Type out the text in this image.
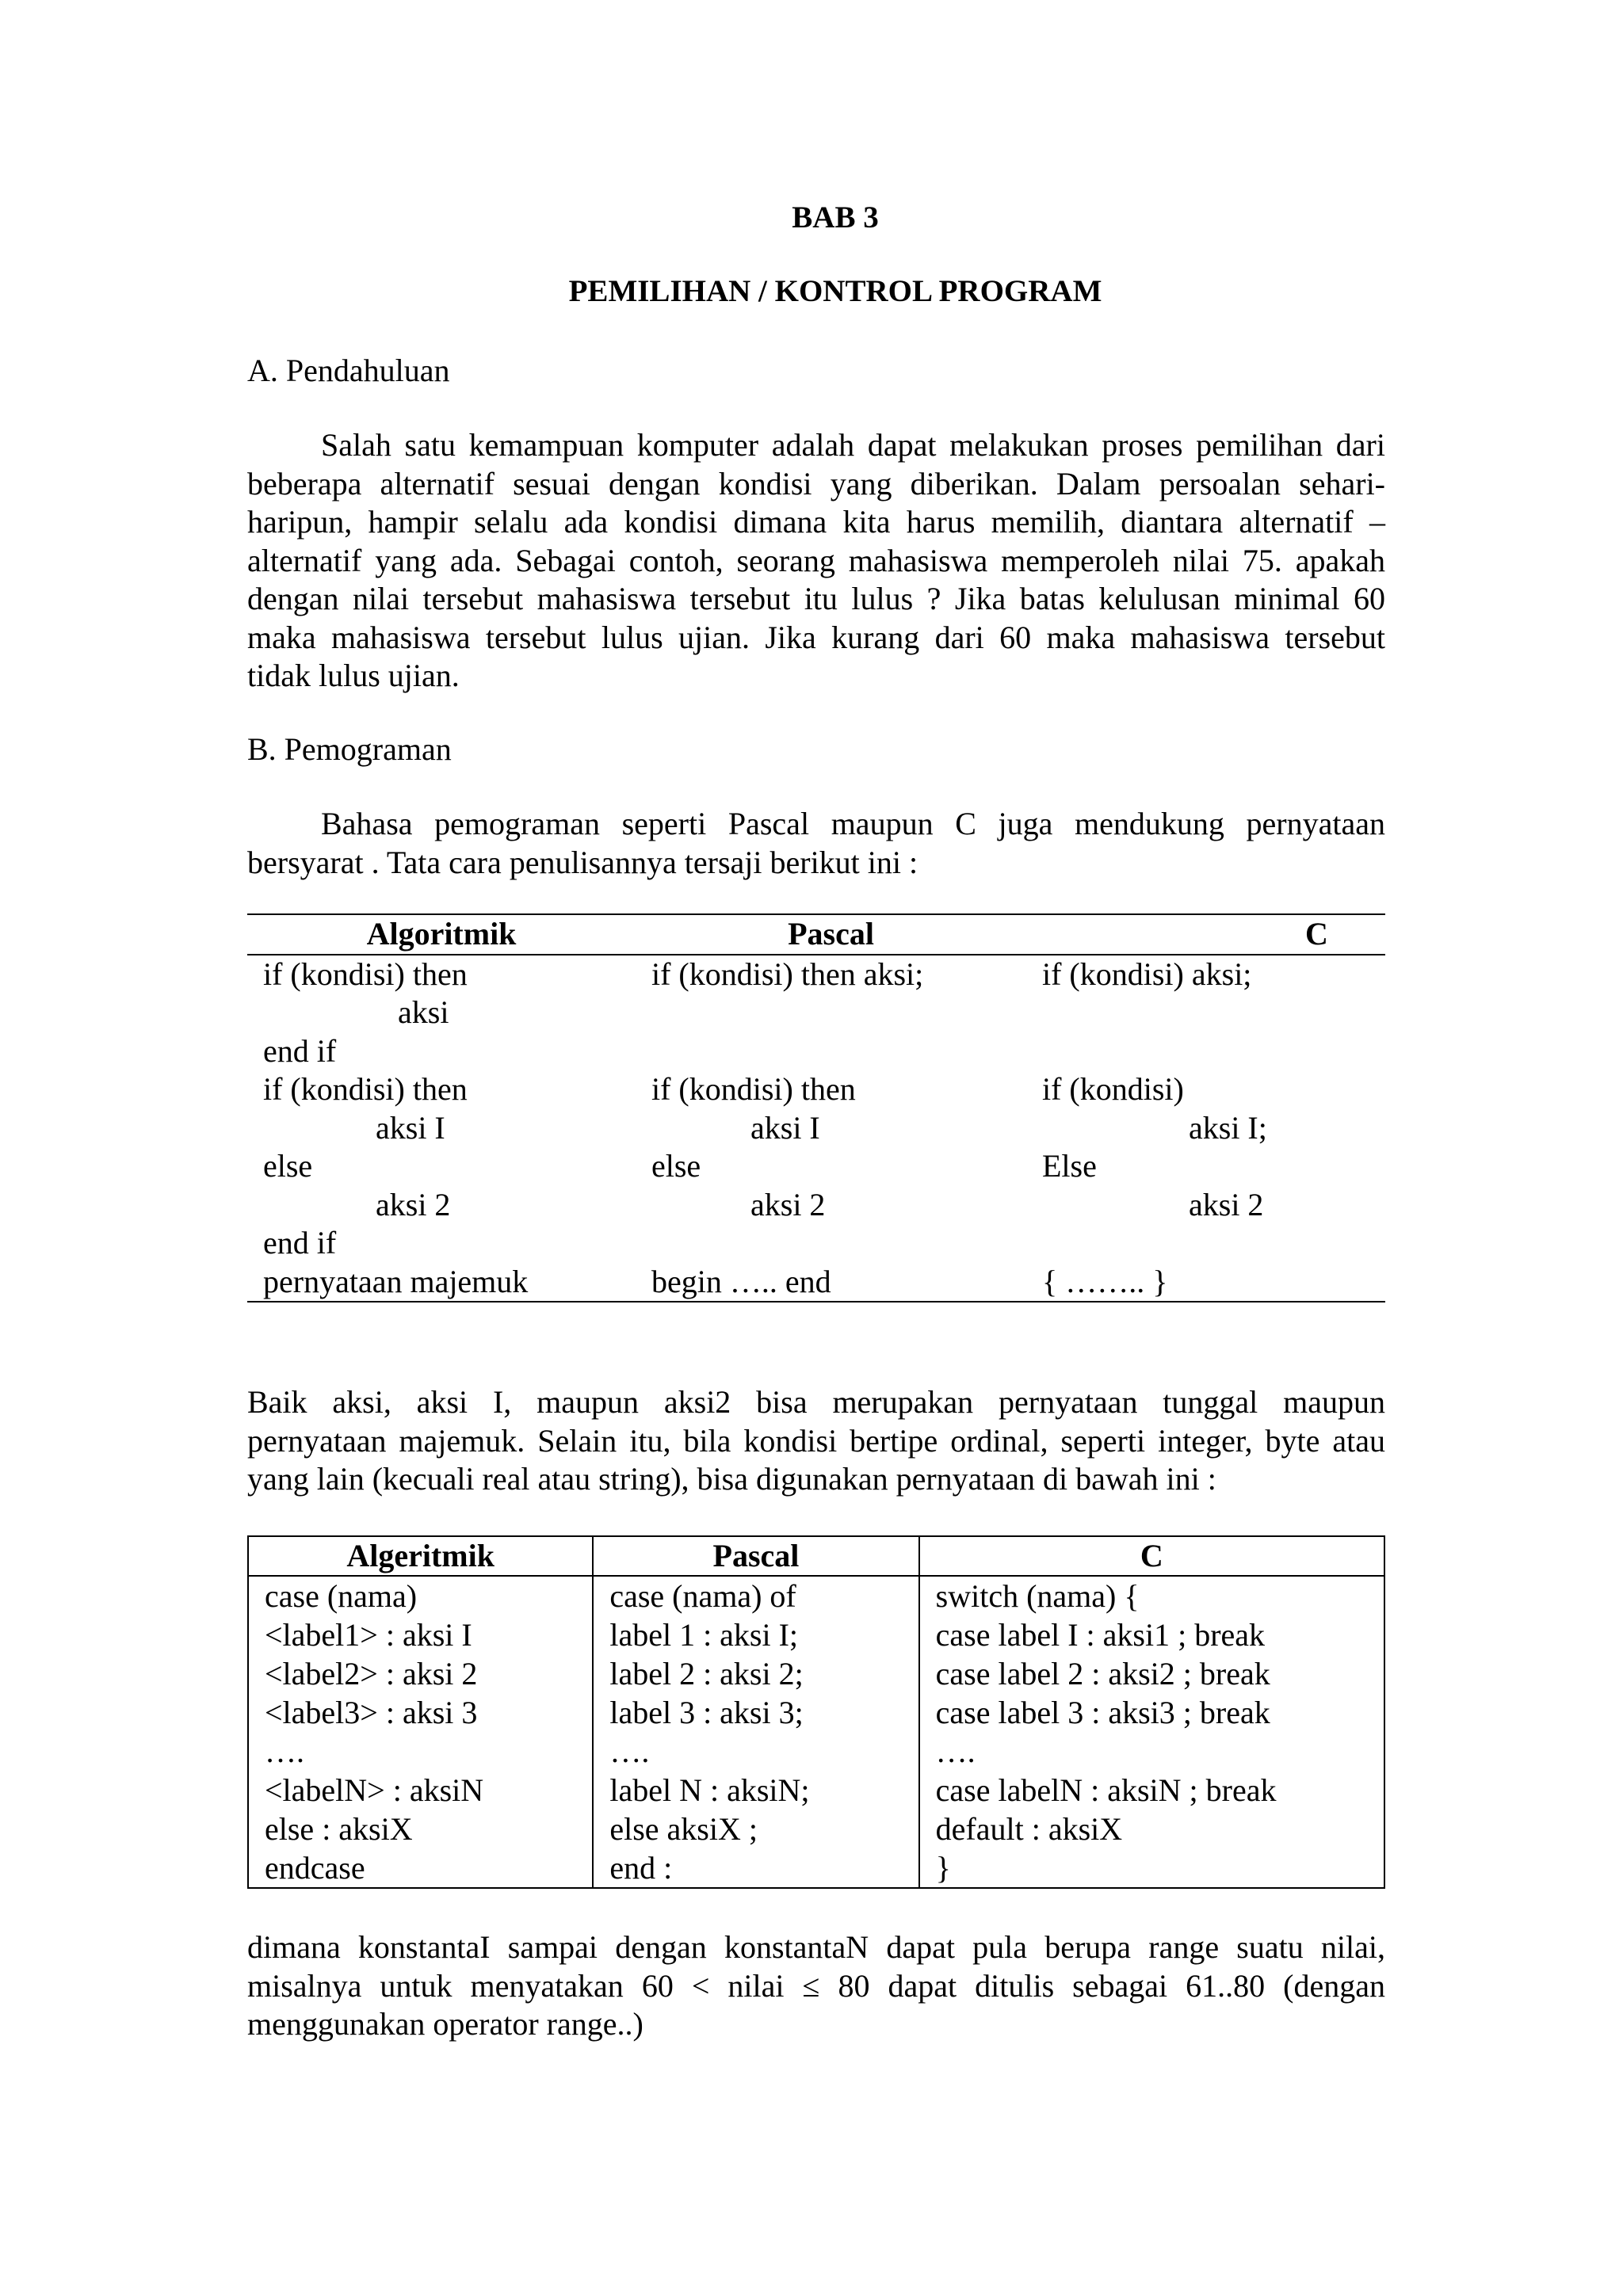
BAB 3
PEMILIHAN / KONTROL PROGRAM
A. Pendahuluan
Salah satu kemampuan komputer adalah dapat melakukan proses pemilihan dari
beberapa alternatif sesuai dengan kondisi yang diberikan. Dalam persoalan sehari-
haripun, hampir selalu ada kondisi dimana kita harus memilih, diantara alternatif –
alternatif yang ada. Sebagai contoh, seorang mahasiswa memperoleh nilai 75. apakah
dengan nilai tersebut mahasiswa tersebut itu lulus ? Jika batas kelulusan minimal 60
maka mahasiswa tersebut lulus ujian. Jika kurang dari 60 maka mahasiswa tersebut
tidak lulus ujian.
B. Pemograman
Bahasa pemograman seperti Pascal maupun C juga mendukung pernyataan
bersyarat . Tata cara penulisannya tersaji berikut ini :
Algoritmik	Pascal	C
if (kondisi) then	if (kondisi) then aksi;	if (kondisi) aksi;
aksi		
end if		
if (kondisi) then	if (kondisi) then	if (kondisi)
aksi I	aksi I	aksi I;
else	else	Else
aksi 2	aksi 2	aksi 2
end if		
pernyataan majemuk	begin ….. end	{ …….. }
Baik aksi, aksi I, maupun aksi2 bisa merupakan pernyataan tunggal maupun
pernyataan majemuk. Selain itu, bila kondisi bertipe ordinal, seperti integer, byte atau
yang lain (kecuali real atau string), bisa digunakan pernyataan di bawah ini :
Algeritmik	Pascal	C
case (nama)	case (nama) of	switch (nama) {
<label1> : aksi I	label 1 : aksi I;	case label I : aksi1 ; break
<label2> : aksi 2	label 2 : aksi 2;	case label 2 : aksi2 ; break
<label3> : aksi 3	label 3 : aksi 3;	case label 3 : aksi3 ; break
….	….	….
<labelN> : aksiN	label N : aksiN;	case labelN : aksiN ; break
else : aksiX	else aksiX ;	default : aksiX
endcase	end :	}
dimana konstantaI sampai dengan konstantaN dapat pula berupa range suatu nilai,
misalnya untuk menyatakan 60 < nilai ≤ 80 dapat ditulis sebagai 61..80 (dengan
menggunakan operator range..)
